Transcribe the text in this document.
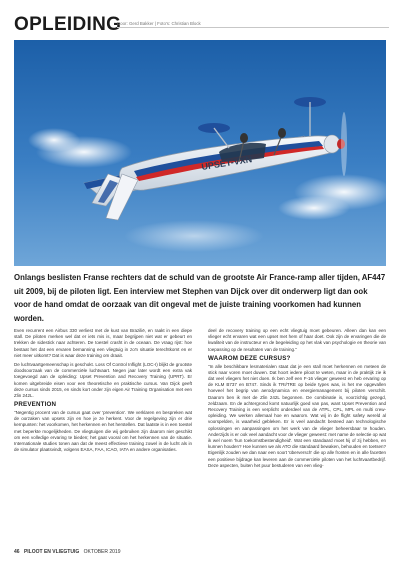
OPLEIDING
Door: Gerd Bakker | Foto's: Christian Block
UPSET-VXN
Onlangs beslisten Franse rechters dat de schuld van de grootste Air France-ramp aller tijden, AF447 uit 2009, bij de piloten ligt. Een interview met Stephen van Dijck over dit onderwerp ligt dan ook voor de hand omdat de oorzaak van dit ongeval met de juiste training voorkomen had kunnen worden.

Even recurrent een Airbus 330 verliest met de kust van Brazilië, en raakt in een diepe stall. De piloten merken wel dat er iets mis is, maar begrijpen niet wat er gebeurt en trekken de sidestick naar achteren. De toestel crasht in de oceaan. De vraag rijst: hoe bestaat het dat een ervaren bemanning een vliegtuig in zo'n situatie terechtkomt en er niet meer uitkomt? Dat is waar deze training om draait.

De luchtvaartgemeenschap is geschokt. Loss Of Control Inflight (LOC-I) blijkt de grootste doodsoorzaak van de commerciële luchtvaart. Negen jaar later wordt een extra vak toegevoegd aan de opleiding: Upset Prevention and Recovery Training (UPRT). Er komen uitgebreide eisen voor een theoretische en praktische cursus. Van Dijck geeft deze cursus sinds 2015, en sinds kort onder zijn eigen Air Training Organisation met een Zlin 242L.

PREVENTION

"Negentig procent van de cursus gaat over 'prevention'. We verklaren en bespreken wat de oorzaken van upsets zijn en hoe je ze herkent. Voor de regelgeving zijn er drie kernpunten: het voorkomen, het herkennen en het herstellen. Dat laatste is in een toestel met beperkte mogelijkheden. De vliegtuigen die wij gebruiken zijn daarom niet geschikt om een volledige ervaring te bieden; het gaat vooral om het herkennen van de situatie. Internationale studies tonen aan dat de meest effectieve training zowel in de lucht als in de simulator plaatsvindt, volgens EASA, FAA, ICAO, IATA en andere organisaties.

deel de recovery training op een echt vliegtuig moet gebeuren. Alleen dan kan een vlieger echt ervaren wat een upset met hem of haar doet. Ook zijn de ervaringen die de kwaliteit van de instructeur en de begeleiding op het vlak van psychologie en theorie van toepassing op de resultaten van de training."

WAAROM DEZE CURSUS?

"In alle beschikbare lesmaterialen staat dat je een stall moet herkennen en meteen de stick naar voren moet duwen. Dat hoort iedere piloot te weten, maar in de praktijk zie ik dat veel vliegers het niet doen. Ik ben zelf een F-16 vlieger geweest en heb ervaring op de KLM B737 en B747. Sinds ik TRI/TRE op beide types was, is het me opgevallen hoeveel het begrip van aerodynamica en energiemanagement bij piloten verschilt. Daarom ben ik met de Zlin 242L begonnen. De combinatie is, voorzichtig gezegd, zeldzaam. En de achtergrond komt natuurlijk goed van pas, want Upset Prevention and Recovery Training is een verplicht onderdeel van de ATPL, CPL, MPL en multi crew-opleiding. We werken allemaal hoe en waarom. Wat wij in de flight safety wereld al voorspelden, is waarheid gebleken. Er is veel aandacht besteed aan technologische oplossingen en aanpassingen om het werk van de vlieger beheersbaar te houden. Anderzijds is er ook veel aandacht voor de vlieger geweest: met name de selectie op wat ik wel noem 'hun toekomstbestendigheid'. Wat een standaard moet hij of zij hebben, en kunnen houden? Hoe kunnen we als ATO die standaard bewaken, behouden en toetsen? Eigenlijk zouden we dan naar een soort 'überversch' die op alle fronten en in alle facetten een positieve bijdrage kan leveren aan de commerciële piloten van het luchtvaartbedrijf. Deze aspecten, buiten het puur bestuderen van een vlieg-

46 PILOOT EN VLIEGTUIG OKTOBER 2019
